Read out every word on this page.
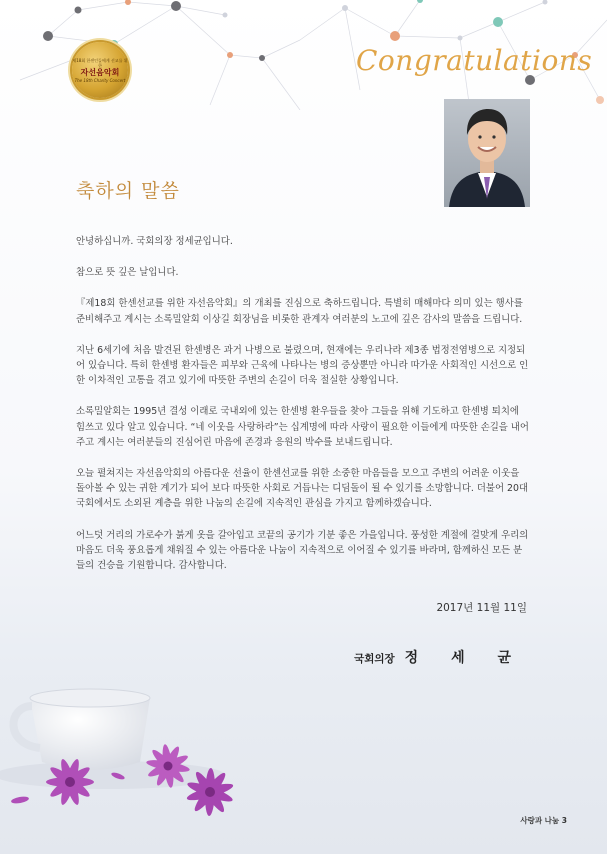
제18회 한센인들에게 선교를 위한
자선음악회
The 18th Charity Concert
Congratulations
축하의 말씀

안녕하십니까. 국회의장 정세균입니다.

참으로 뜻 깊은 날입니다.

『제18회 한센선교를 위한 자선음악회』의 개최를 진심으로 축하드립니다. 특별히 매해마다 의미 있는 행사를 준비해주고 계시는 소록밀알회 이상길 회장님을 비롯한 관계자 여러분의 노고에 깊은 감사의 말씀을 드립니다.

지난 6세기에 처음 발견된 한센병은 과거 나병으로 불렸으며, 현재에는 우리나라 제3종 법정전염병으로 지정되어 있습니다. 특히 한센병 환자들은 피부와 근육에 나타나는 병의 증상뿐만 아니라 따가운 사회적인 시선으로 인한 이차적인 고통을 겪고 있기에 따뜻한 주변의 손길이 더욱 절실한 상황입니다.

소록밀알회는 1995년 결성 이래로 국내외에 있는 한센병 환우들을 찾아 그들을 위해 기도하고 한센병 퇴치에 힘쓰고 있다 알고 있습니다. “네 이웃을 사랑하라”는 십계명에 따라 사랑이 필요한 이들에게 따뜻한 손길을 내어주고 계시는 여러분들의 진심어린 마음에 존경과 응원의 박수를 보내드립니다.

오늘 펼쳐지는 자선음악회의 아름다운 선율이 한센선교를 위한 소중한 마음들을 모으고 주변의 어려운 이웃을 돌아볼 수 있는 귀한 계기가 되어 보다 따뜻한 사회로 거듭나는 디딤돌이 될 수 있기를 소망합니다. 더불어 20대 국회에서도 소외된 계층을 위한 나눔의 손길에 지속적인 관심을 가지고 함께하겠습니다.

어느덧 거리의 가로수가 붉게 옷을 갈아입고 코끝의 공기가 기분 좋은 가을입니다. 풍성한 계절에 걸맞게 우리의 마음도 더욱 풍요롭게 채워질 수 있는 아름다운 나눔이 지속적으로 이어질 수 있기를 바라며, 함께하신 모든 분들의 건승을 기원합니다. 감사합니다.

2017년 11월 11일
국회의장 정 세 균
사랑과 나눔 3
